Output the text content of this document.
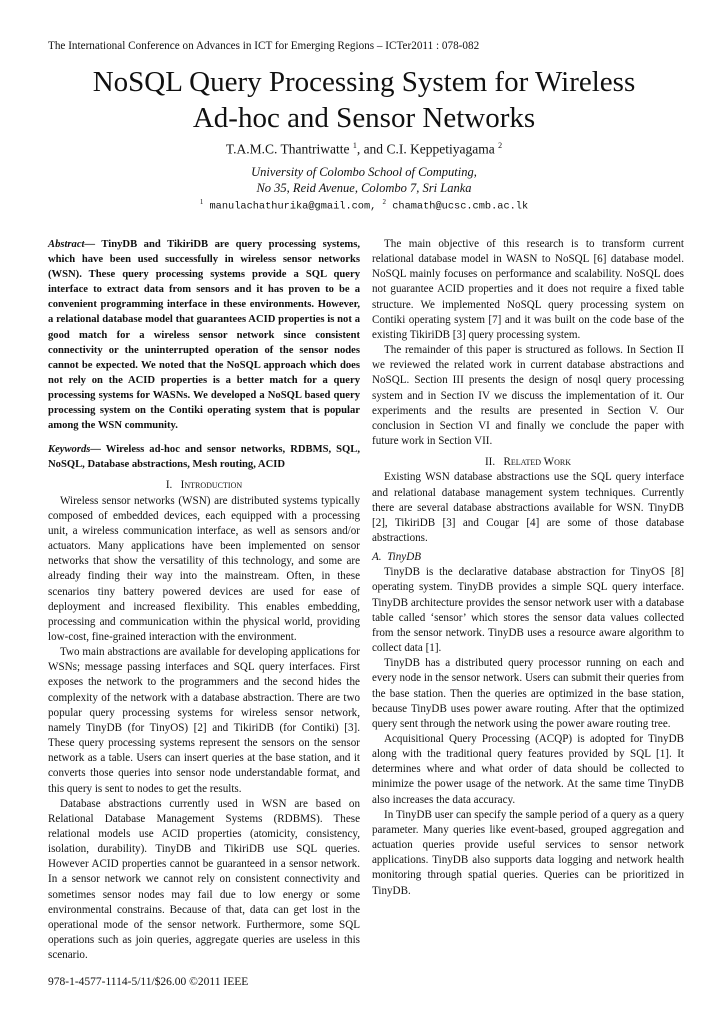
The International Conference on Advances in ICT for Emerging Regions – ICTer2011 : 078-082
NoSQL Query Processing System for Wireless
Ad-hoc and Sensor Networks
T.A.M.C. Thantriwatte $^1$, and C.I. Keppetiyagama $^2$
University of Colombo School of Computing,
No 35, Reid Avenue, Colombo 7, Sri Lanka
$^1$ manulachathurika@gmail.com, $^2$ chamath@ucsc.cmb.ac.lk

Abstract— TinyDB and TikiriDB are query processing systems, which have been used successfully in wireless sensor networks (WSN). These query processing systems provide a SQL query interface to extract data from sensors and it has proven to be a convenient programming interface in these environments. However, a relational database model that guarantees ACID properties is not a good match for a wireless sensor network since consistent connectivity or the uninterrupted operation of the sensor nodes cannot be expected. We noted that the NoSQL approach which does not rely on the ACID properties is a better match for a query processing systems for WASNs. We developed a NoSQL based query processing system on the Contiki operating system that is popular among the WSN community.

Keywords— Wireless ad-hoc and sensor networks, RDBMS, SQL, NoSQL, Database abstractions, Mesh routing, ACID

I. Introduction

Wireless sensor networks (WSN) are distributed systems typically composed of embedded devices, each equipped with a processing unit, a wireless communication interface, as well as sensors and/or actuators. Many applications have been implemented on sensor networks that show the versatility of this technology, and some are already finding their way into the mainstream. Often, in these scenarios tiny battery powered devices are used for ease of deployment and increased flexibility. This enables embedding, processing and communication within the physical world, providing low-cost, fine-grained interaction with the environment.

Two main abstractions are available for developing applications for WSNs; message passing interfaces and SQL query interfaces. First exposes the network to the programmers and the second hides the complexity of the network with a database abstraction. There are two popular query processing systems for wireless sensor network, namely TinyDB (for TinyOS) [2] and TikiriDB (for Contiki) [3]. These query processing systems represent the sensors on the sensor network as a table. Users can insert queries at the base station, and it converts those queries into sensor node understandable format, and this query is sent to nodes to get the results.

Database abstractions currently used in WSN are based on Relational Database Management Systems (RDBMS). These relational models use ACID properties (atomicity, consistency, isolation, durability). TinyDB and TikiriDB use SQL queries. However ACID properties cannot be guaranteed in a sensor network. In a sensor network we cannot rely on consistent connectivity and sometimes sensor nodes may fail due to low energy or some environmental constrains. Because of that, data can get lost in the operational mode of the sensor network. Furthermore, some SQL operations such as join queries, aggregate queries are useless in this scenario.

The main objective of this research is to transform current relational database model in WASN to NoSQL [6] database model. NoSQL mainly focuses on performance and scalability. NoSQL does not guarantee ACID properties and it does not require a fixed table structure. We implemented NoSQL query processing system on Contiki operating system [7] and it was built on the code base of the existing TikiriDB [3] query processing system.

The remainder of this paper is structured as follows. In Section II we reviewed the related work in current database abstractions and NoSQL. Section III presents the design of nosql query processing system and in Section IV we discuss the implementation of it. Our experiments and the results are presented in Section V. Our conclusion in Section VI and finally we conclude the paper with future work in Section VII.

II. Related Work

Existing WSN database abstractions use the SQL query interface and relational database management system techniques. Currently there are several database abstractions available for WSN. TinyDB [2], TikiriDB [3] and Cougar [4] are some of those database abstractions.

A. TinyDB

TinyDB is the declarative database abstraction for TinyOS [8] operating system. TinyDB provides a simple SQL query interface. TinyDB architecture provides the sensor network user with a database table called ‘sensor’ which stores the sensor data values collected from the sensor network. TinyDB uses a resource aware algorithm to collect data [1].

TinyDB has a distributed query processor running on each and every node in the sensor network. Users can submit their queries from the base station. Then the queries are optimized in the base station, because TinyDB uses power aware routing. After that the optimized query sent through the network using the power aware routing tree.

Acquisitional Query Processing (ACQP) is adopted for TinyDB along with the traditional query features provided by SQL [1]. It determines where and what order of data should be collected to minimize the power usage of the network. At the same time TinyDB also increases the data accuracy.

In TinyDB user can specify the sample period of a query as a query parameter. Many queries like event-based, grouped aggregation and actuation queries provide useful services to sensor network applications. TinyDB also supports data logging and network health monitoring through spatial queries. Queries can be prioritized in TinyDB.

978-1-4577-1114-5/11/$26.00 ©2011 IEEE
